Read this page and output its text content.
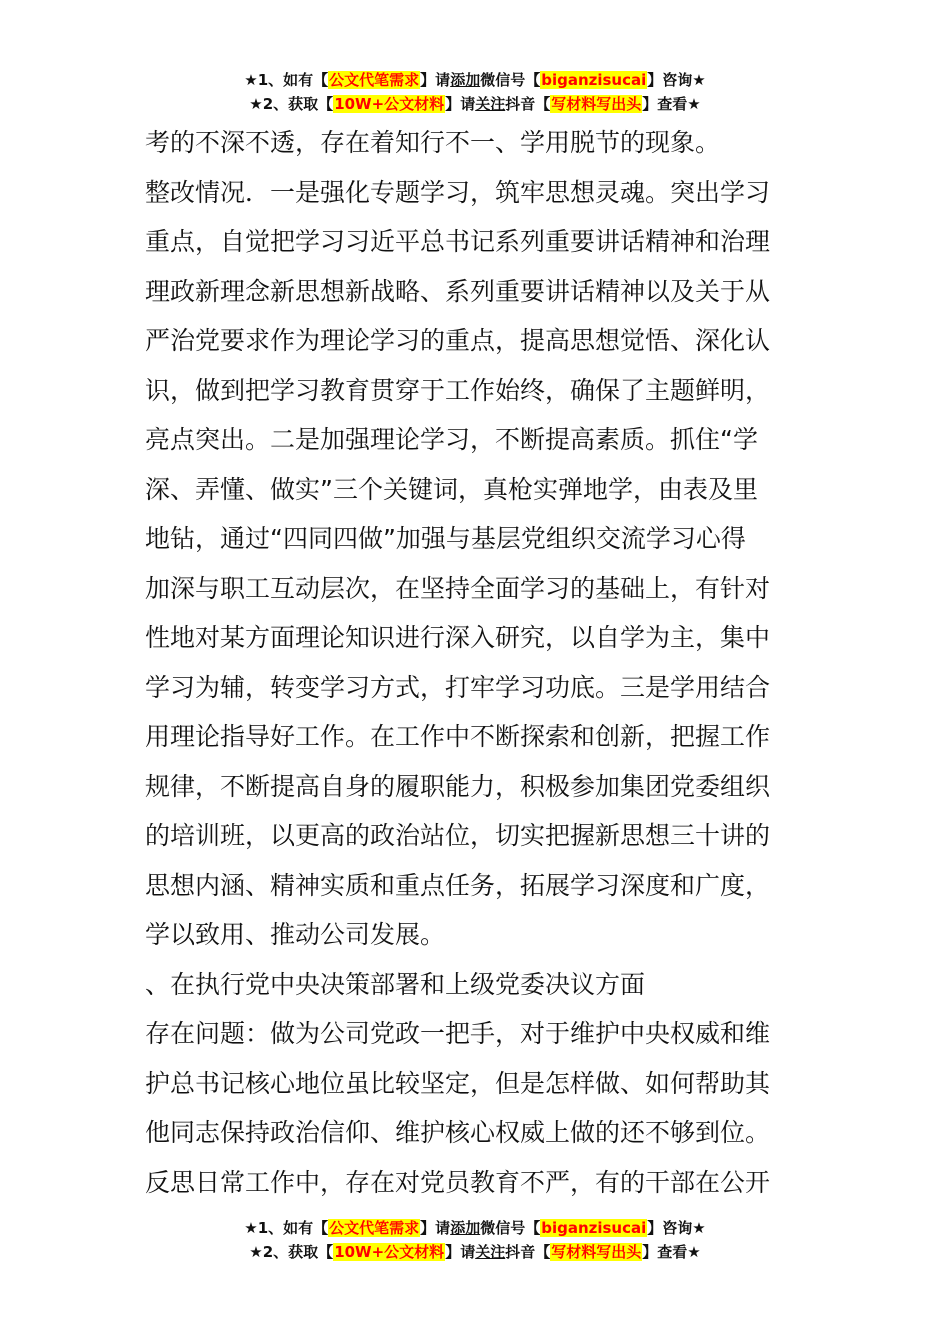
★1、如有【公文代笔需求】请添加微信号【biganzisucai】咨询★
★2、获取【10W+公文材料】请关注抖音【写材料写出头】查看★

考的不深不透，存在着知行不一、学用脱节的现象。

整改情况．一是强化专题学习，筑牢思想灵魂。突出学习

重点，自觉把学习习近平总书记系列重要讲话精神和治理

理政新理念新思想新战略、系列重要讲话精神以及关于从

严治党要求作为理论学习的重点，提高思想觉悟、深化认

识，做到把学习教育贯穿于工作始终，确保了主题鲜明，

亮点突出。二是加强理论学习，不断提高素质。抓住“学

深、弄懂、做实”三个关键词，真枪实弹地学，由表及里

地钻，通过“四同四做”加强与基层党组织交流学习心得

加深与职工互动层次，在坚持全面学习的基础上，有针对

性地对某方面理论知识进行深入研究，以自学为主，集中

学习为辅，转变学习方式，打牢学习功底。三是学用结合

用理论指导好工作。在工作中不断探索和创新，把握工作

规律，不断提高自身的履职能力，积极参加集团党委组织

的培训班，以更高的政治站位，切实把握新思想三十讲的

思想内涵、精神实质和重点任务，拓展学习深度和广度，

学以致用、推动公司发展。

、在执行党中央决策部署和上级党委决议方面

存在问题：做为公司党政一把手，对于维护中央权威和维

护总书记核心地位虽比较坚定，但是怎样做、如何帮助其

他同志保持政治信仰、维护核心权威上做的还不够到位。

反思日常工作中，存在对党员教育不严，有的干部在公开

★1、如有【公文代笔需求】请添加微信号【biganzisucai】咨询★
★2、获取【10W+公文材料】请关注抖音【写材料写出头】查看★
